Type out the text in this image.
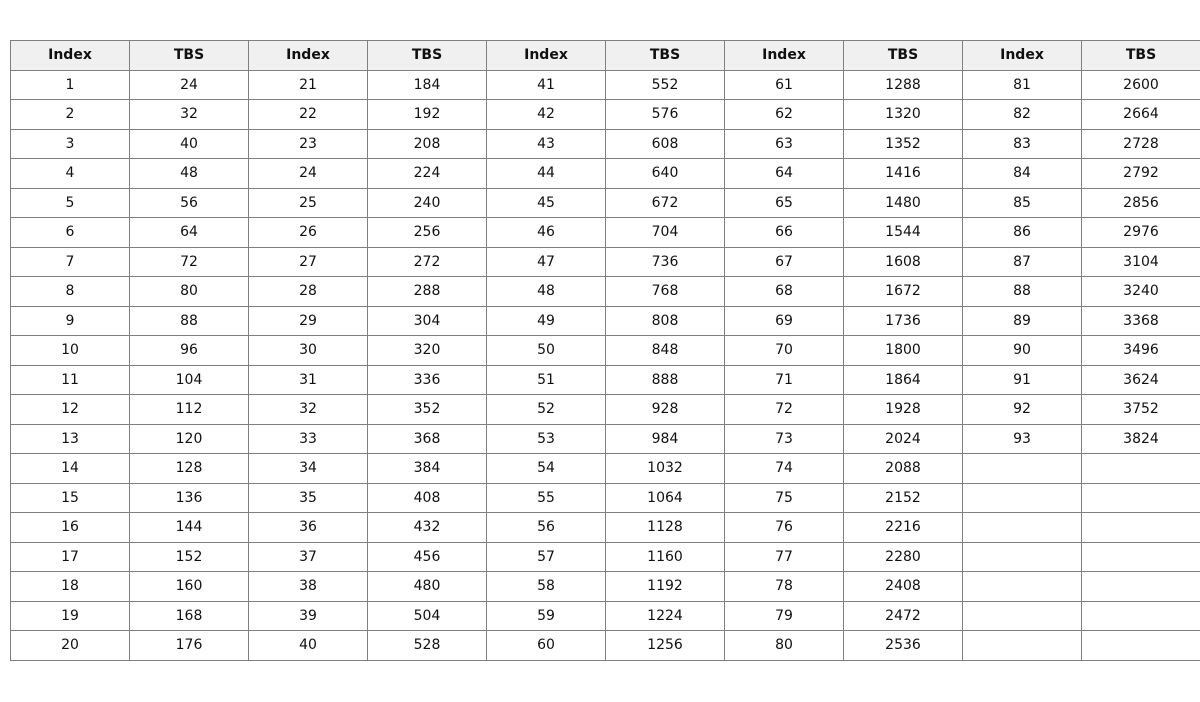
Index	TBS	Index	TBS	Index	TBS	Index	TBS	Index	TBS
1	24	21	184	41	552	61	1288	81	2600
2	32	22	192	42	576	62	1320	82	2664
3	40	23	208	43	608	63	1352	83	2728
4	48	24	224	44	640	64	1416	84	2792
5	56	25	240	45	672	65	1480	85	2856
6	64	26	256	46	704	66	1544	86	2976
7	72	27	272	47	736	67	1608	87	3104
8	80	28	288	48	768	68	1672	88	3240
9	88	29	304	49	808	69	1736	89	3368
10	96	30	320	50	848	70	1800	90	3496
11	104	31	336	51	888	71	1864	91	3624
12	112	32	352	52	928	72	1928	92	3752
13	120	33	368	53	984	73	2024	93	3824
14	128	34	384	54	1032	74	2088		
15	136	35	408	55	1064	75	2152		
16	144	36	432	56	1128	76	2216		
17	152	37	456	57	1160	77	2280		
18	160	38	480	58	1192	78	2408		
19	168	39	504	59	1224	79	2472		
20	176	40	528	60	1256	80	2536		
